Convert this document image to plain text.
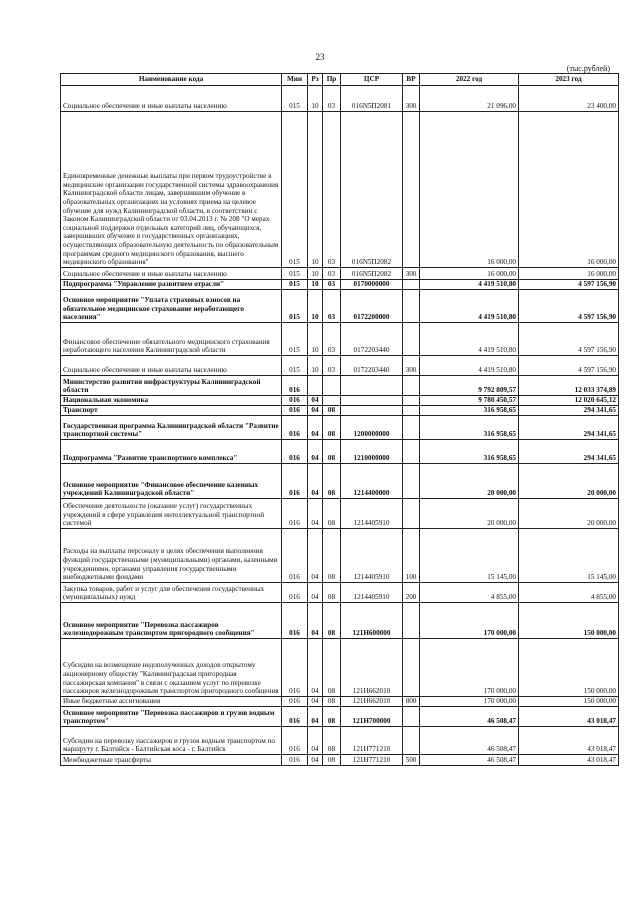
23
(тыс.рублей)
Наименование кода	Мин	Рз	Пр	ЦСР	ВР	2022 год	2023 год
Социальное обеспечение и иные выплаты населению	015	10	03	016N5П2081	300	21 096,00	23 400,00
Единовременные денежные выплаты при первом трудоустройстве в медицинские организации государственной системы здравоохранения Калининградской области лицам, завершившим обучение в образовательных организациях на условиях приема на целевое обучение для нужд Калининградской области, в соответствии с Законом Калининградской области от 03.04.2013 г. № 208 "О мерах социальной поддержки отдельных категорий лиц, обучающихся, завершивших обучение в государственных организациях, осуществляющих образовательную деятельность по образовательным программам среднего медицинского образования, высшего медицинского образования"	015	10	03	016N5П2082		16 000,00	16 000,00
Социальное обеспечение и иные выплаты населению	015	10	03	016N5П2082	300	16 000,00	16 000,00
Подпрограмма "Управление развитием отрасли"	015	10	03	0170000000		4 419 510,80	4 597 156,90
Основное мероприятие "Уплата страховых взносов на обязательное медицинское страхование неработающего населения"	015	10	03	0172200000		4 419 510,80	4 597 156,90
Финансовое обеспечение обязательного медицинского страхования неработающего населения Калининградской области	015	10	03	0172203440		4 419 510,80	4 597 156,90
Социальное обеспечение и иные выплаты населению	015	10	03	0172203440	300	4 419 510,80	4 597 156,90
Министерство развития инфраструктуры Калининградской области	016					9 792 809,57	12 033 374,89
Национальная экономика	016	04				9 780 450,57	12 020 645,12
Транспорт	016	04	08			316 958,65	294 341,65
Государственная программа Калининградской области "Развитие транспортной системы"	016	04	08	1200000000		316 958,65	294 341,65
Подпрограмма "Развитие транспортного комплекса"	016	04	08	1210000000		316 958,65	294 341,65
Основное мероприятие "Финансовое обеспечение казенных учреждений Калининградской области"	016	04	08	1214400000		20 000,00	20 000,00
Обеспечение деятельности (оказание услуг) государственных учреждений в сфере управления интеллектуальной транспортной системой	016	04	08	1214405910		20 000,00	20 000,00
Расходы на выплаты персоналу в целях обеспечения выполнения функций государственными (муниципальными) органами, казенными учреждениями, органами управления государственными внебюджетными фондами	016	04	08	1214405910	100	15 145,00	15 145,00
Закупка товаров, работ и услуг для обеспечения государственных (муниципальных) нужд	016	04	08	1214405910	200	4 855,00	4 855,00
Основное мероприятие "Перевозка пассажиров железнодорожным транспортом пригородного сообщения"	016	04	08	121Н600000		170 000,00	150 000,00
Субсидии на возмещение недополученных доходов открытому акционерному обществу "Калининградская пригородная пассажирская компания" в связи с оказанием услуг по перевозке пассажиров железнодорожным транспортом пригородного сообщения	016	04	08	121Н662010		170 000,00	150 000,00
Иные бюджетные ассигнования	016	04	08	121Н662010	800	170 000,00	150 000,00
Основное мероприятие "Перевозка пассажиров и грузов водным транспортом"	016	04	08	121Н700000		46 508,47	43 018,47
Субсидии на перевозку пассажиров и грузов водным транспортом по маршруту г. Балтийск - Балтийская коса - г. Балтийск	016	04	08	121Н771210		46 508,47	43 018,47
Межбюджетные трансферты	016	04	08	121Н771210	500	46 508,47	43 018,47
